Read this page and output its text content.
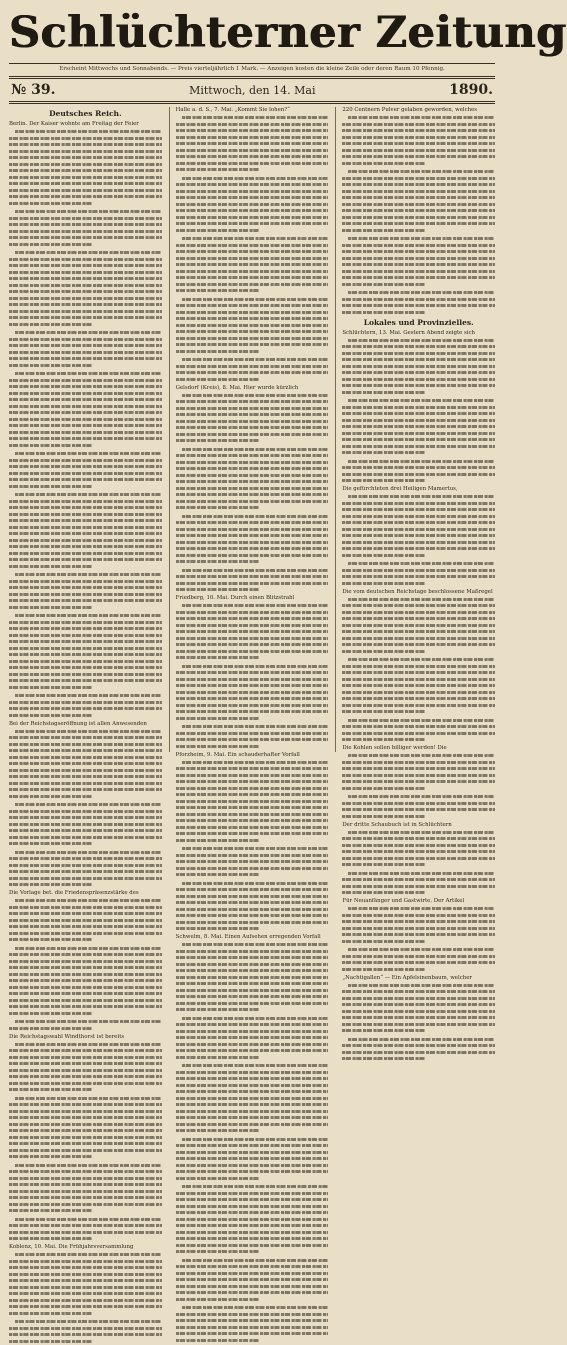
Schlüchterner Zeitung
Erscheint Mittwochs und Sonnabends. — Preis vierteljährlich 1 Mark. — Anzeigen kosten die kleine Zeile oder deren Raum 10 Pfennig.
№ 39.	Mittwoch, den 14. Mai	1890.
Deutsches Reich.
Berlin. Der Kaiser wohnte am Freitag der Feier
Bei der Reichstagseröffnung ist allen Anwesenden
Die Vorlage bet. die Friedenspräsenzstärke des
Die Reichstagswahl Windthorst ist bereits
Koblenz, 10. Mai. Die Frühjahrsversammlung
Halle a. d. S., 7. Mai. „Kommt Sie lohen?“
Gelsdorf (Kreis), 8. Mai. Hier wurde kürzlich
Friedberg, 10. Mai. Durch einen Blitzstrahl
Pforzheim, 9. Mai. Ein schauderhafter Vorfall
Schwelm, 8. Mai. Einen Aufsehen erregenden Vorfall
220 Centnern Pulver gelaben geworden, welches
Lokales und Provinzielles.
Schlüchtern, 13. Mai. Gestern Abend zeigte sich
Die gefürchteten drei Heiligen Mamertus,
Die vom deutschen Reichstage beschlossene Maßregel
Die Kohlen sollen billiger werden! Die
Der dritte Schaubuch ist in Schlüchtern
Für Neuanfänger und Gastwirte. Der Artikel
„Nachtigallen“ — Ein Apfelsinenbaum, welcher
